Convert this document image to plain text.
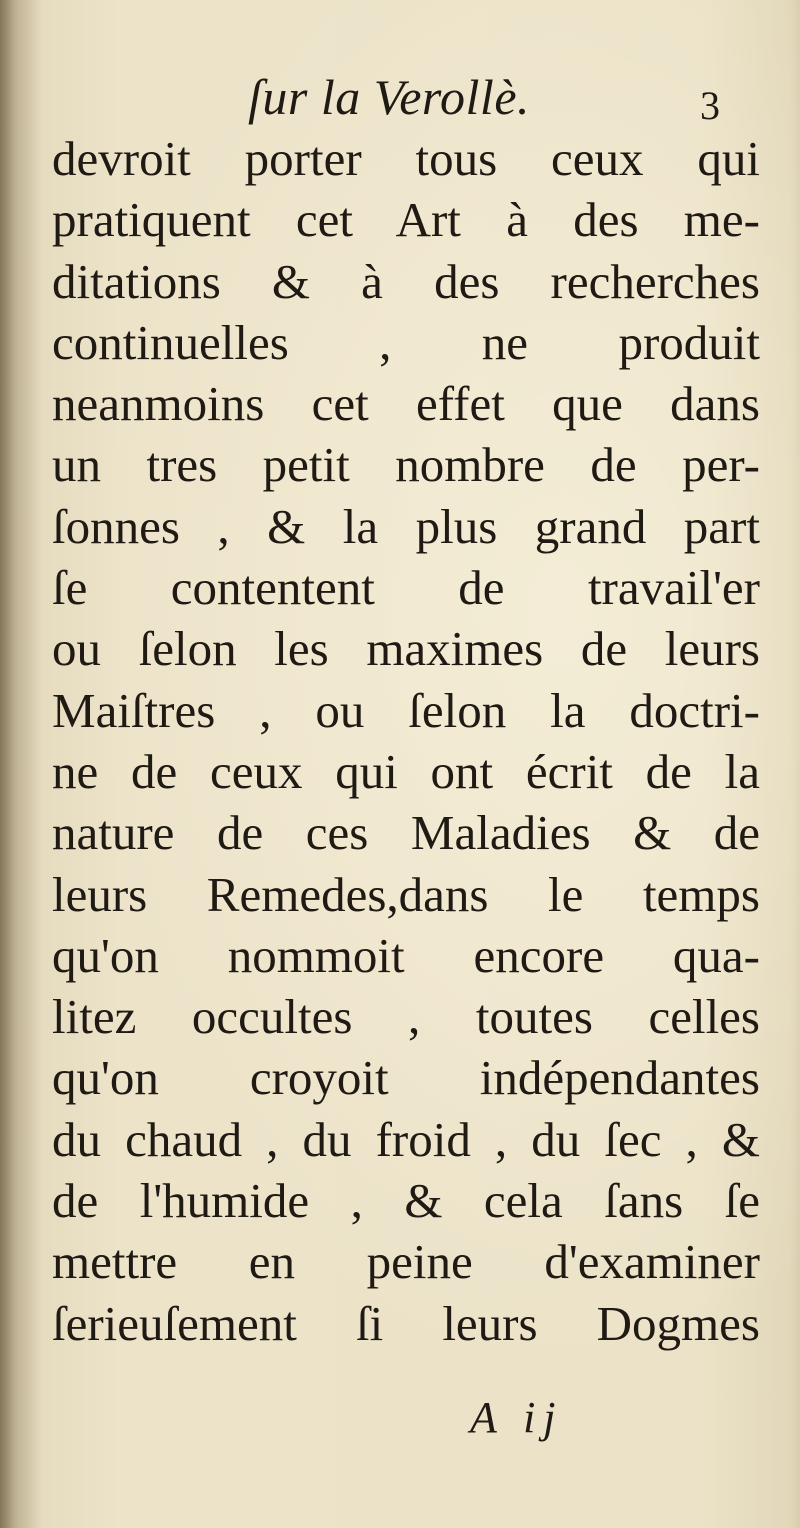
ſur la Verollè.	3
devroit porter tous ceux qui
pratiquent cet Art à des me-
ditations & à des recherches
continuelles , ne produit
neanmoins cet effet que dans
un tres petit nombre de per-
ſonnes , & la plus grand part
ſe contentent de travail'er
ou ſelon les maximes de leurs
Maiſtres , ou ſelon la doctri-
ne de ceux qui ont écrit de la
nature de ces Maladies & de
leurs Remedes,dans le temps
qu'on nommoit encore qua-
litez occultes , toutes celles
qu'on croyoit indépendantes
du chaud , du froid , du ſec , &
de l'humide , & cela ſans ſe
mettre en peine d'examiner
ſerieuſement ſi leurs Dogmes
A ij
